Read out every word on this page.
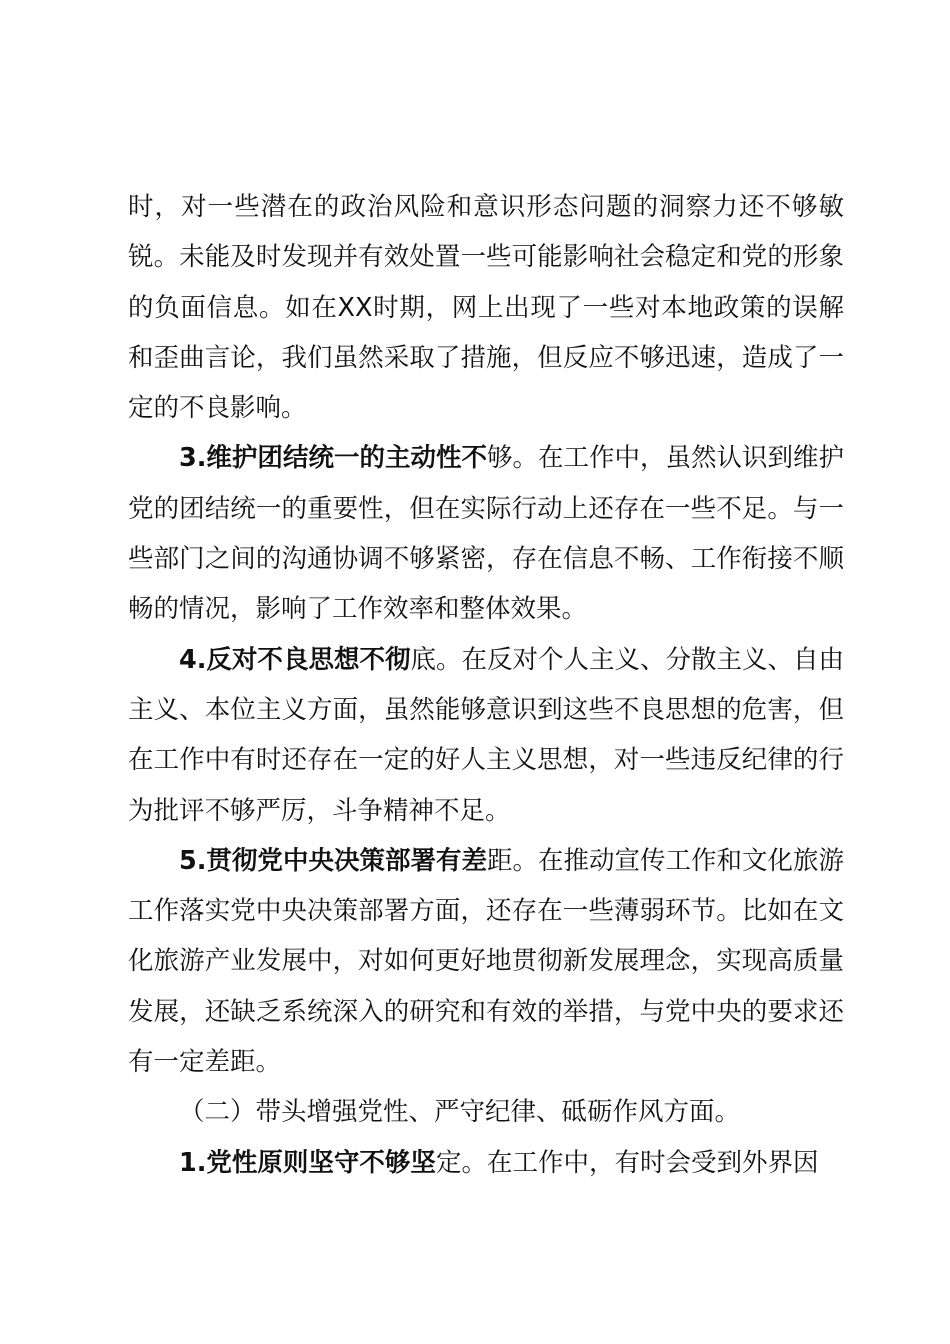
时，对一些潜在的政治风险和意识形态问题的洞察力还不够敏锐。未能及时发现并有效处置一些可能影响社会稳定和党的形象的负面信息。如在XX时期，网上出现了一些对本地政策的误解和歪曲言论，我们虽然采取了措施，但反应不够迅速，造成了一定的不良影响。

3.维护团结统一的主动性不够。在工作中，虽然认识到维护党的团结统一的重要性，但在实际行动上还存在一些不足。与一些部门之间的沟通协调不够紧密，存在信息不畅、工作衔接不顺畅的情况，影响了工作效率和整体效果。

4.反对不良思想不彻底。在反对个人主义、分散主义、自由主义、本位主义方面，虽然能够意识到这些不良思想的危害，但在工作中有时还存在一定的好人主义思想，对一些违反纪律的行为批评不够严厉，斗争精神不足。

5.贯彻党中央决策部署有差距。在推动宣传工作和文化旅游工作落实党中央决策部署方面，还存在一些薄弱环节。比如在文化旅游产业发展中，对如何更好地贯彻新发展理念，实现高质量发展，还缺乏系统深入的研究和有效的举措，与党中央的要求还有一定差距。

（二）带头增强党性、严守纪律、砥砺作风方面。

1.党性原则坚守不够坚定。在工作中，有时会受到外界因
